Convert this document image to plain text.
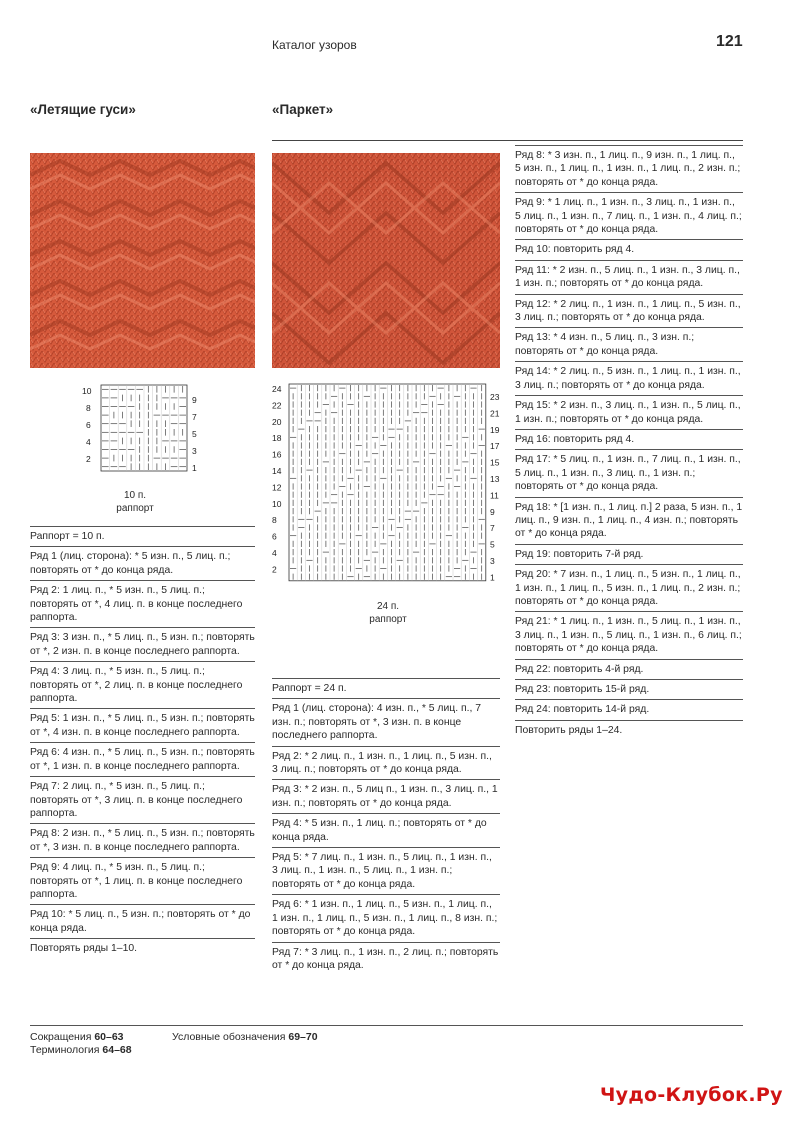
Каталог узоров	121
«Летящие гуси»	«Паркет»
10
8
6
4
2
9
7
5
3
1
10 п.
раппорт
24
22
20
18
16
14
12
10
8
6
4
2
23
21
19
17
15
13
11
9
7
5
3
1
24 п.
раппорт

Раппорт = 10 п.

Ряд 1 (лиц. сторона): * 5 изн. п., 5 лиц. п.; повторять от * до конца ряда.

Ряд 2: 1 лиц. п., * 5 изн. п., 5 лиц. п.; повторять от *, 4 лиц. п. в конце последнего раппорта.

Ряд 3: 3 изн. п., * 5 лиц. п., 5 изн. п.; повторять от *, 2 изн. п. в конце последнего раппорта.

Ряд 4: 3 лиц. п., * 5 изн. п., 5 лиц. п.; повторять от *, 2 лиц. п. в конце последнего раппорта.

Ряд 5: 1 изн. п., * 5 лиц. п., 5 изн. п.; повторять от *, 4 изн. п. в конце последнего раппорта.

Ряд 6: 4 изн. п., * 5 лиц. п., 5 изн. п.; повторять от *, 1 изн. п. в конце последнего раппорта.

Ряд 7: 2 лиц. п., * 5 изн. п., 5 лиц. п.; повторять от *, 3 лиц. п. в конце последнего раппорта.

Ряд 8: 2 изн. п., * 5 лиц. п., 5 изн. п.; повторять от *, 3 изн. п. в конце последнего раппорта.

Ряд 9: 4 лиц. п., * 5 изн. п., 5 лиц. п.; повторять от *, 1 лиц. п. в конце последнего раппорта.

Ряд 10: * 5 лиц. п., 5 изн. п.; повторять от * до конца ряда.

Повторять ряды 1–10.

Раппорт = 24 п.

Ряд 1 (лиц. сторона): 4 изн. п., * 5 лиц. п., 7 изн. п.; повторять от *, 3 изн. п. в конце последнего раппорта.

Ряд 2: * 2 лиц. п., 1 изн. п., 1 лиц. п., 5 изн. п., 3 лиц. п.; повторять от * до конца ряда.

Ряд 3: * 2 изн. п., 5 лиц п., 1 изн. п., 3 лиц. п., 1 изн. п.; повторять от * до конца ряда.

Ряд 4: * 5 изн. п., 1 лиц. п.; повторять от * до конца ряда.

Ряд 5: * 7 лиц. п., 1 изн. п., 5 лиц. п., 1 изн. п., 3 лиц. п., 1 изн. п., 5 лиц. п., 1 изн. п.; повторять от * до конца ряда.

Ряд 6: * 1 изн. п., 1 лиц. п., 5 изн. п., 1 лиц. п., 1 изн. п., 1 лиц. п., 5 изн. п., 1 лиц. п., 8 изн. п.; повторять от * до конца ряда.

Ряд 7: * 3 лиц. п., 1 изн. п., 2 лиц. п.; повторять от * до конца ряда.

Ряд 8: * 3 изн. п., 1 лиц. п., 9 изн. п., 1 лиц. п., 5 изн. п., 1 лиц. п., 1 изн. п., 1 лиц. п., 2 изн. п.; повторять от * до конца ряда.

Ряд 9: * 1 лиц. п., 1 изн. п., 3 лиц. п., 1 изн. п., 5 лиц. п., 1 изн. п., 7 лиц. п., 1 изн. п., 4 лиц. п.; повторять от * до конца ряда.

Ряд 10: повторить ряд 4.

Ряд 11: * 2 изн. п., 5 лиц. п., 1 изн. п., 3 лиц. п., 1 изн. п.; повторять от * до конца ряда.

Ряд 12: * 2 лиц. п., 1 изн. п., 1 лиц. п., 5 изн. п., 3 лиц. п.; повторять от * до конца ряда.

Ряд 13: * 4 изн. п., 5 лиц. п., 3 изн. п.; повторять от * до конца ряда.

Ряд 14: * 2 лиц. п., 5 изн. п., 1 лиц. п., 1 изн. п., 3 лиц. п.; повторять от * до конца ряда.

Ряд 15: * 2 изн. п., 3 лиц. п., 1 изн. п., 5 лиц. п., 1 изн. п.; повторять от * до конца ряда.

Ряд 16: повторить ряд 4.

Ряд 17: * 5 лиц. п., 1 изн. п., 7 лиц. п., 1 изн. п., 5 лиц. п., 1 изн. п., 3 лиц. п., 1 изн. п.; повторять от * до конца ряда.

Ряд 18: * [1 изн. п., 1 лиц. п.] 2 раза, 5 изн. п., 1 лиц. п., 9 изн. п., 1 лиц. п., 4 изн. п.; повторять от * до конца ряда.

Ряд 19: повторить 7-й ряд.

Ряд 20: * 7 изн. п., 1 лиц. п., 5 изн. п., 1 лиц. п., 1 изн. п., 1 лиц. п., 5 изн. п., 1 лиц. п., 2 изн. п.; повторять от * до конца ряда.

Ряд 21: * 1 лиц. п., 1 изн. п., 5 лиц. п., 1 изн. п., 3 лиц. п., 1 изн. п., 5 лиц. п., 1 изн. п., 6 лиц. п.; повторять от * до конца ряда.

Ряд 22: повторить 4-й ряд.

Ряд 23: повторить 15-й ряд.

Ряд 24: повторить 14-й ряд.

Повторить ряды 1–24.

Сокращения 60–63
Терминология 64–68
Условные обозначения 69–70
Чудо-Клубок.Ру
